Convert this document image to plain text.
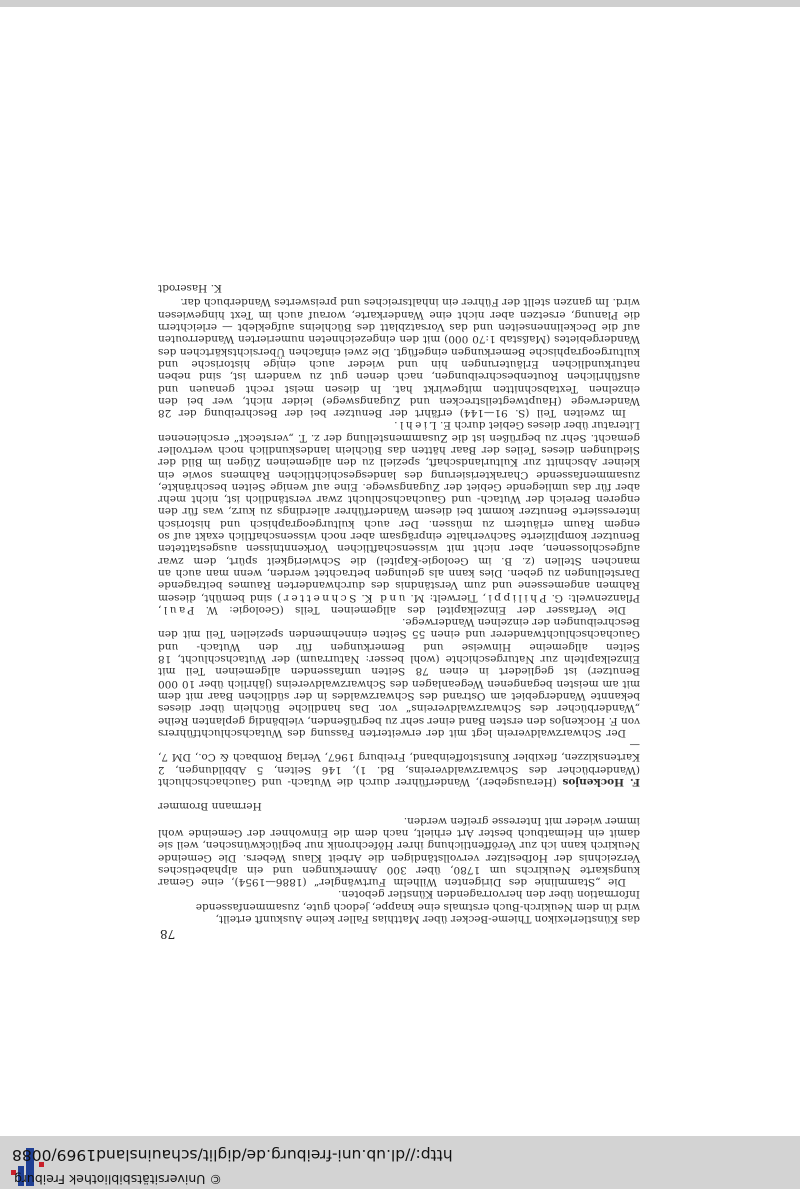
© Universitätsbibliothek Freiburg
http://dl.ub.uni-freiburg.de/diglit/schauinsland1969/0088
78

das Künstlerlexikon Thieme-Becker über Matthias Faller keine Auskunft erteilt,

wird in dem Neukirch-Buch erstmals eine knappe, jedoch gute, zusammenfassende

Information über den hervorragenden Künstler geboten.

Die „Stammlinie des Dirigenten Wilhelm Furtwängler“ (1886—1954), eine Gemar kungskarte Neukirchs um 1780, über 300 Anmerkungen und ein alphabetisches Verzeichnis der Hofbesitzer vervollständigen die Arbeit Klaus Webers. Die Gemeinde Neukirch kann ich zur Veröffentlichung ihrer Höfechronik nur beglückwünschen, weil sie damit ein Heimatbuch bester Art erhielt, nach dem die Einwohner der Gemeinde wohl immer wieder mit Interesse greifen werden.

Hermann Brommer

F. Hockenjos (Herausgeber), Wanderführer durch die Wutach- und Gauchachschlucht (Wanderbücher des Schwarzwaldvereins, Bd. 1), 146 Seiten, 5 Abbildungen, 2 Kartenskizzen, flexibler Kunststoffeinband, Freiburg 1967, Verlag Rombach & Co., DM 7,—

Der Schwarzwaldverein legt mit der erweiterten Fassung des Wutachschluchtführers von F. Hockenjos den ersten Band einer sehr zu begrüßenden, vielbändig geplanten Reihe „Wanderbücher des Schwarzwaldvereins“ vor. Das handliche Büchlein über dieses bekannte Wandergebiet am Ostrand des Schwarzwaldes in der südlichen Baar mit dem mit am meisten begangenen Wegeanlagen des Schwarzwaldvereins (jährlich über 10 000 Benutzer) ist gegliedert in einen 78 Seiten umfassenden allgemeinen Teil mit Einzelkapiteln zur Naturgeschichte (wohl besser: Naturraum) der Wutachschlucht, 18 Seiten allgemeine Hinweise und Bemerkungen für den Wutach- und Gauchachschluchtwanderer und einen 55 Seiten einnehmenden speziellen Teil mit den Beschreibungen der einzelnen Wanderwege.

Die Verfasser der Einzelkapitel des allgemeinen Teils (Geologie: W. Paul, Pflanzenwelt: G. Philippi, Tierwelt: M. und K. Schnetter) sind bemüht, diesem Rahmen angemessene und zum Verständnis des durchwanderten Raumes beitragende Darstellungen zu geben. Dies kann als gelungen betrachtet werden, wenn man auch an manchen Stellen (z. B. im Geologie-Kapitel) die Schwierigkeit spürt, dem zwar aufgeschlossenen, aber nicht mit wissenschaftlichen Vorkenntnissen ausgestatteten Benutzer komplizierte Sachverhalte einprägsam aber noch wissenschaftlich exakt auf so engem Raum erläutern zu müssen. Der auch kulturgeographisch und historisch interessierte Benutzer kommt bei diesem Wanderführer allerdings zu kurz, was für den engeren Bereich der Wutach- und Gauchachschlucht zwar verständlich ist, nicht mehr aber für das umliegende Gebiet der Zugangswege. Eine auf wenige Seiten beschränkte, zusammenfassende Charakterisierung des landesgeschichtlichen Rahmens sowie ein kleiner Abschnitt zur Kulturlandschaft, speziell zu den allgemeinen Zügen im Bild der Siedlungen dieses Teiles der Baar hätten das Büchlein landeskundlich noch wertvoller gemacht. Sehr zu begrüßen ist die Zusammenstellung der z. T. „versteckt“ erschienenen Literatur über dieses Gebiet durch E. Liehl.

Im zweiten Teil (S. 91—144) erfährt der Benutzer bei der Beschreibung der 28 Wanderwege (Hauptwegteilstrecken und Zugangswege) leider nicht, wer bei den einzelnen Textabschnitten mitgewirkt hat. In diesen meist recht genauen und ausführlichen Routenbeschreibungen, nach denen gut zu wandern ist, sind neben naturkundlichen Erläuterungen hin und wieder auch einige historische und kulturgeographische Bemerkungen eingefügt. Die zwei einfachen Übersichtskärtchen des Wandergebietes (Maßstab 1:70 000) mit den eingezeichneten numerierten Wanderrouten auf die Deckelinnenseiten und das Vorsatzblatt des Büchleins aufgeklebt — erleichtern die Planung, ersetzen aber nicht eine Wanderkarte, worauf auch im Text hingewiesen wird. Im ganzen stellt der Führer ein inhaltsreiches und preiswertes Wanderbuch dar.

K. Haserodt
